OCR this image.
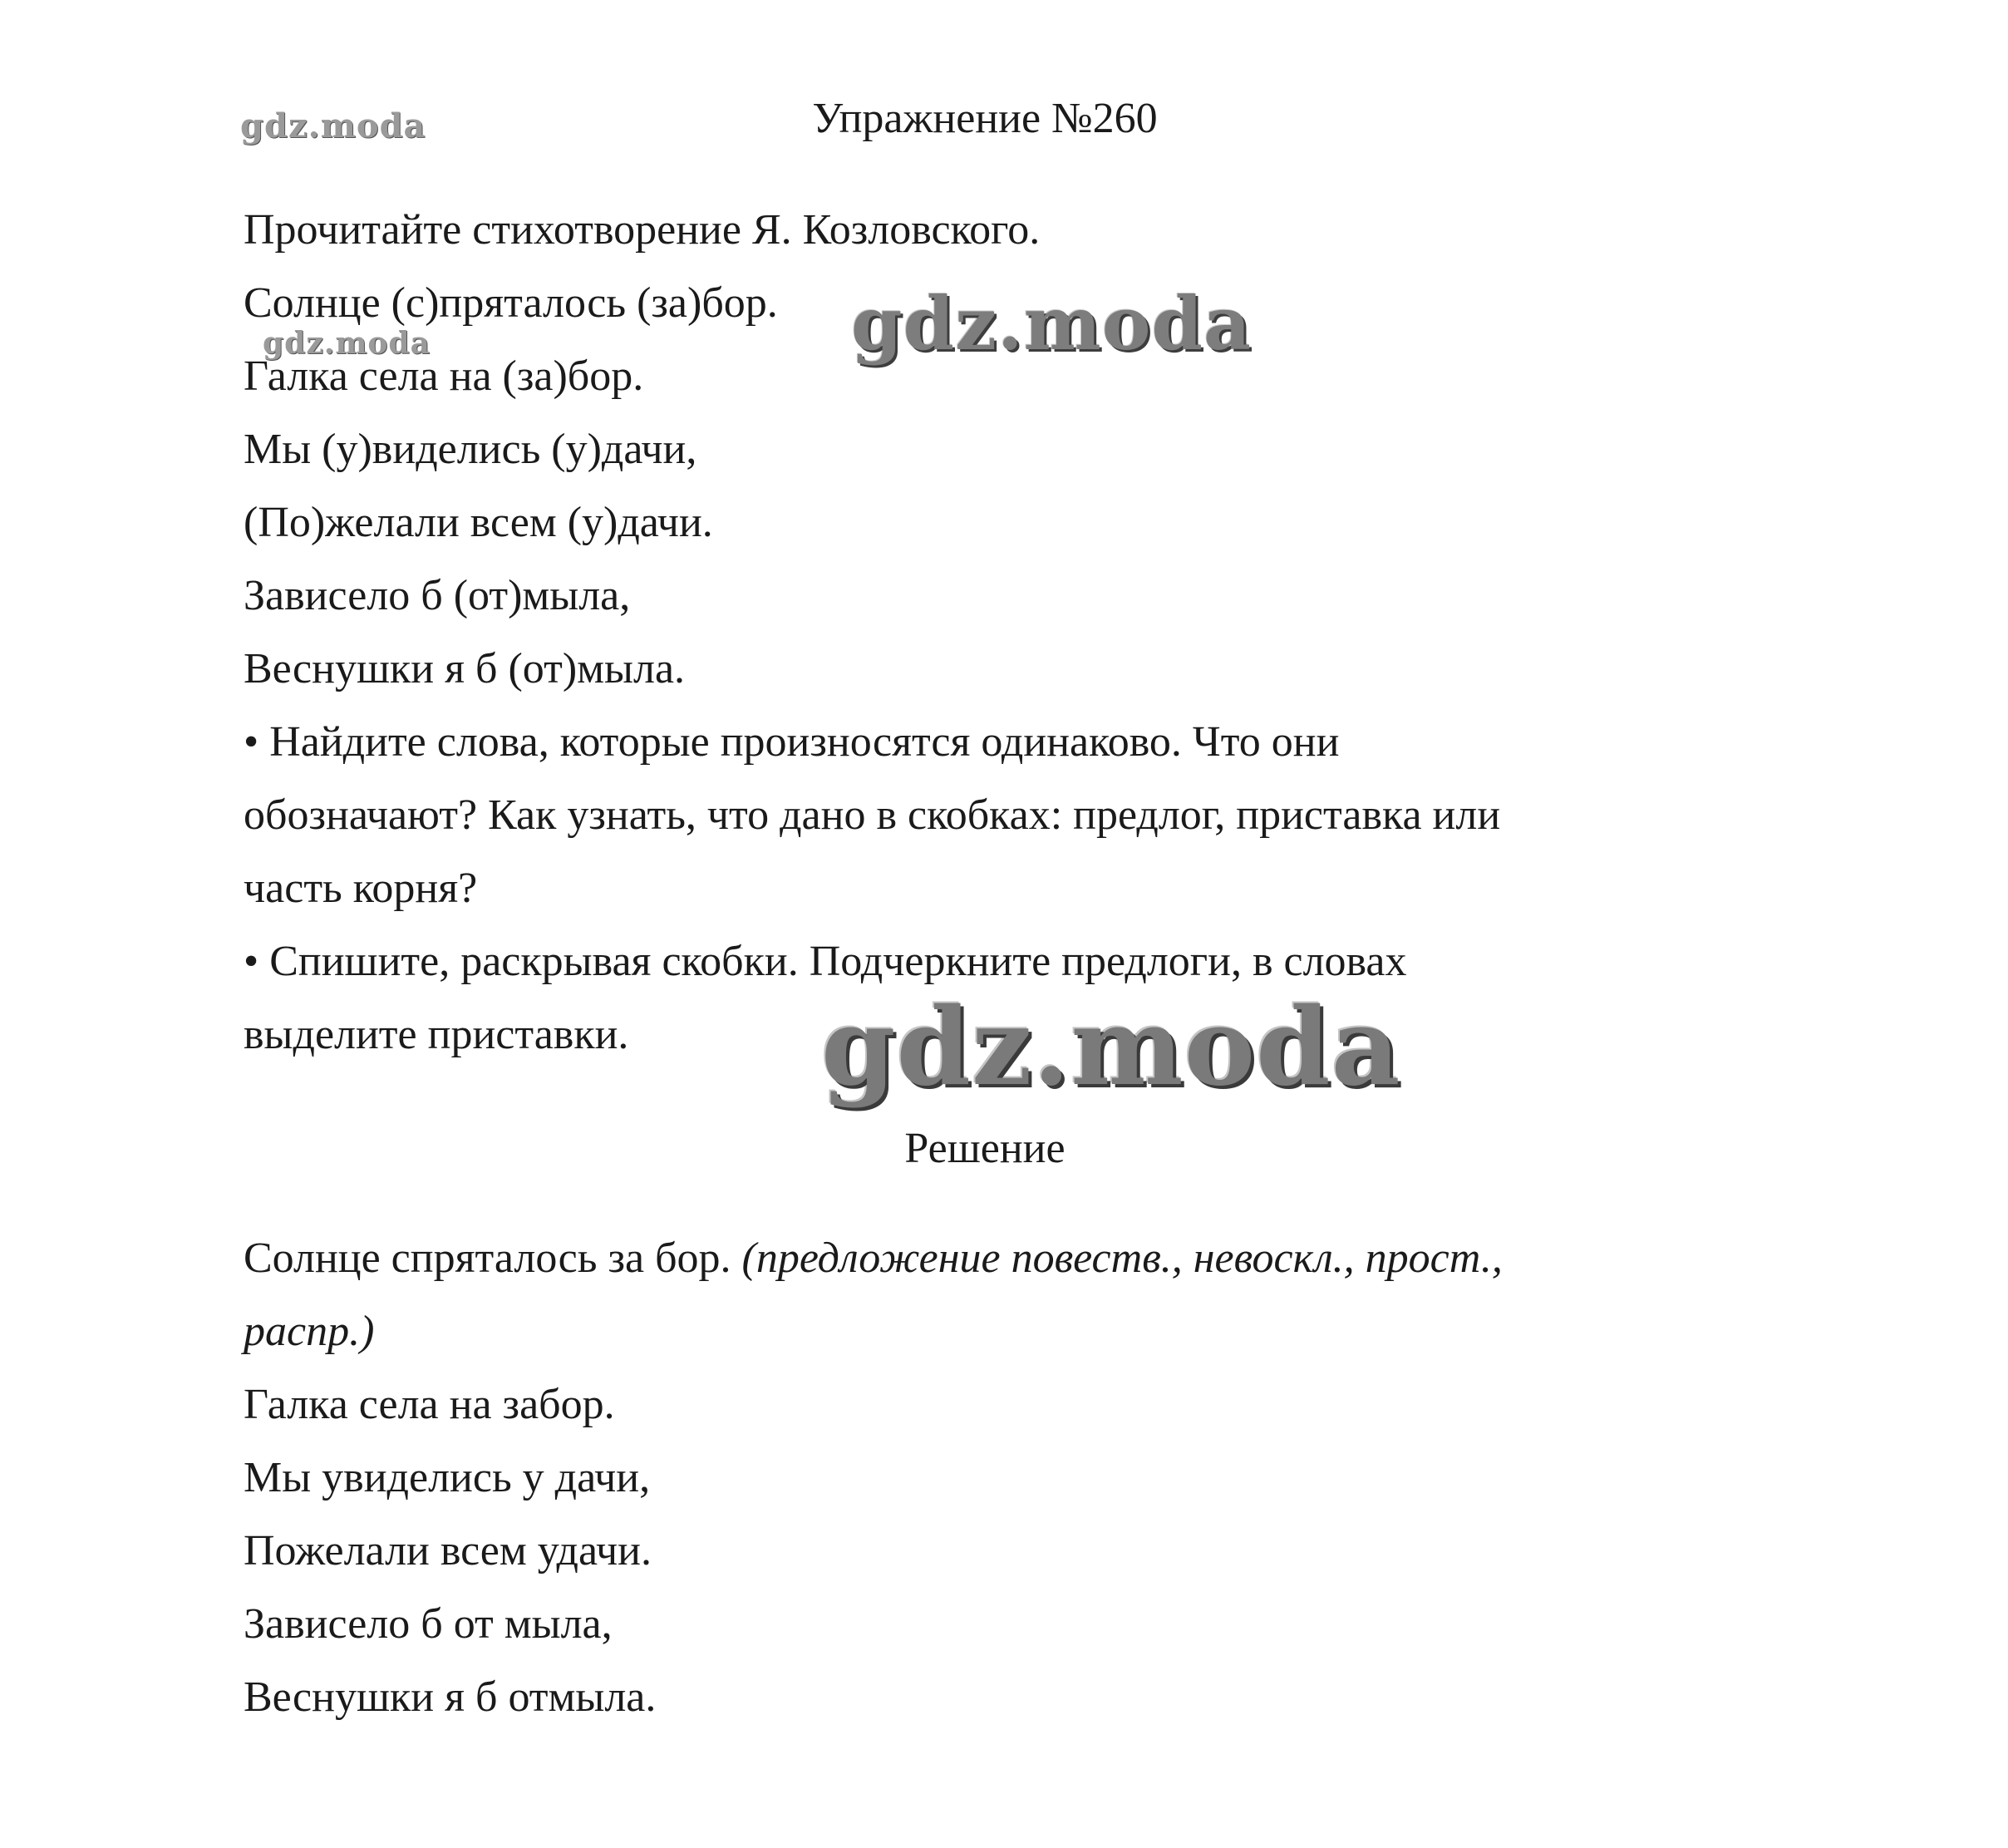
gdz.moda
gdz.moda	gdz.moda
gdz.moda
Упражнение №260
Прочитайте стихотворение Я. Козловского.
Солнце (с)пряталось (за)бор.
Галка села на (за)бор.
Мы (у)виделись (у)дачи,
(По)желали всем (у)дачи.
Зависело б (от)мыла,
Веснушки я б (от)мыла.
• Найдите слова, которые произносятся одинаково. Что они
обозначают? Как узнать, что дано в скобках: предлог, приставка или
часть корня?
• Спишите, раскрывая скобки. Подчеркните предлоги, в словах
выделите приставки.
Решение
Солнце спряталось за бор. (предложение повеств., невоскл., прост.,
распр.)
Галка села на забор.
Мы увиделись у дачи,
Пожелали всем удачи.
Зависело б от мыла,
Веснушки я б отмыла.
